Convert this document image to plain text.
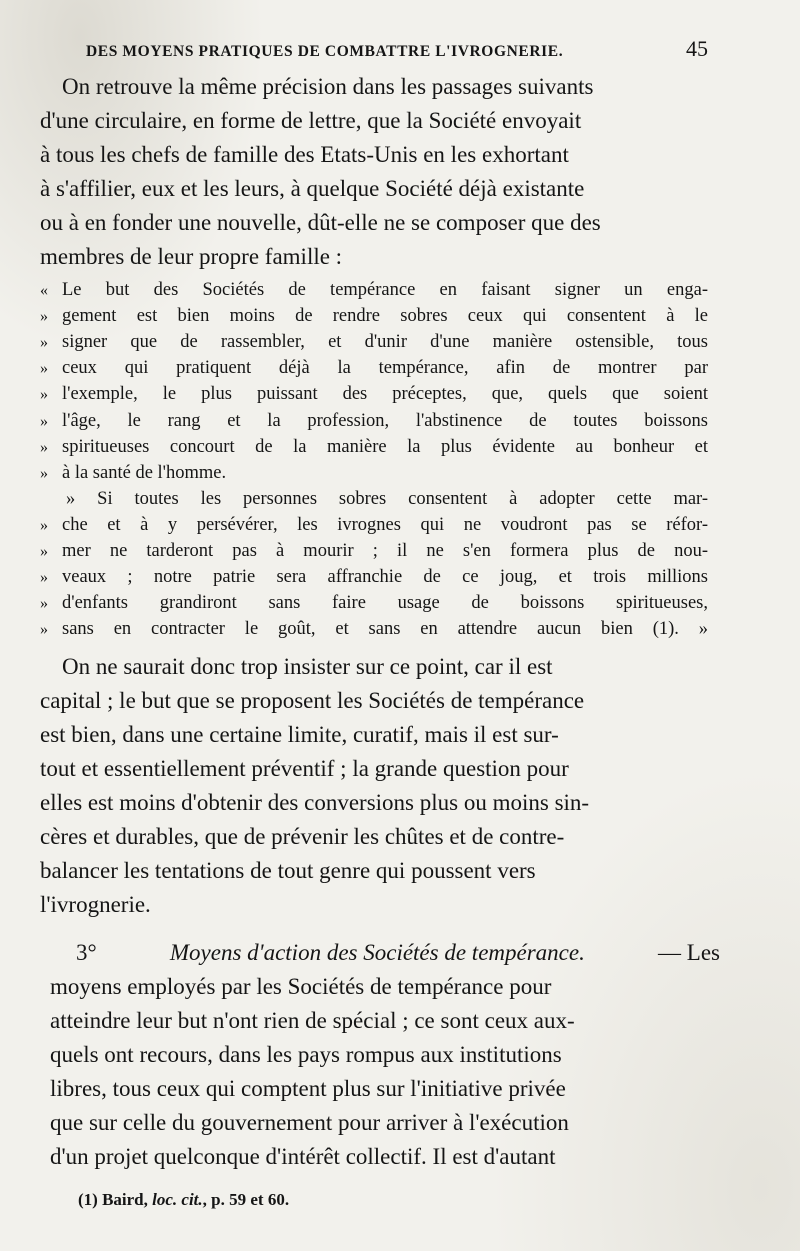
DES MOYENS PRATIQUES DE COMBATTRE L'IVROGNERIE.	45
On retrouve la même précision dans les passages suivants
d'une circulaire, en forme de lettre, que la Société envoyait
à tous les chefs de famille des Etats-Unis en les exhortant
à s'affilier, eux et les leurs, à quelque Société déjà existante
ou à en fonder une nouvelle, dût-elle ne se composer que des
membres de leur propre famille :
« Le but des Sociétés de tempérance en faisant signer un enga-
» gement est bien moins de rendre sobres ceux qui consentent à le
» signer que de rassembler, et d'unir d'une manière ostensible, tous
» ceux qui pratiquent déjà la tempérance, afin de montrer par
» l'exemple, le plus puissant des préceptes, que, quels que soient
» l'âge, le rang et la profession, l'abstinence de toutes boissons
» spiritueuses concourt de la manière la plus évidente au bonheur et
» à la santé de l'homme.
» Si toutes les personnes sobres consentent à adopter cette mar-
» che et à y persévérer, les ivrognes qui ne voudront pas se réfor-
» mer ne tarderont pas à mourir ; il ne s'en formera plus de nou-
» veaux ; notre patrie sera affranchie de ce joug, et trois millions
» d'enfants grandiront sans faire usage de boissons spiritueuses,
» sans en contracter le goût, et sans en attendre aucun bien (1). »
On ne saurait donc trop insister sur ce point, car il est
capital ; le but que se proposent les Sociétés de tempérance
est bien, dans une certaine limite, curatif, mais il est sur-
tout et essentiellement préventif ; la grande question pour
elles est moins d'obtenir des conversions plus ou moins sin-
cères et durables, que de prévenir les chûtes et de contre-
balancer les tentations de tout genre qui poussent vers
l'ivrognerie.
3°	Moyens d'action des Sociétés de tempérance.	— Les
moyens employés par les Sociétés de tempérance pour
atteindre leur but n'ont rien de spécial ; ce sont ceux aux-
quels ont recours, dans les pays rompus aux institutions
libres, tous ceux qui comptent plus sur l'initiative privée
que sur celle du gouvernement pour arriver à l'exécution
d'un projet quelconque d'intérêt collectif. Il est d'autant
(1) Baird, loc. cit., p. 59 et 60.
